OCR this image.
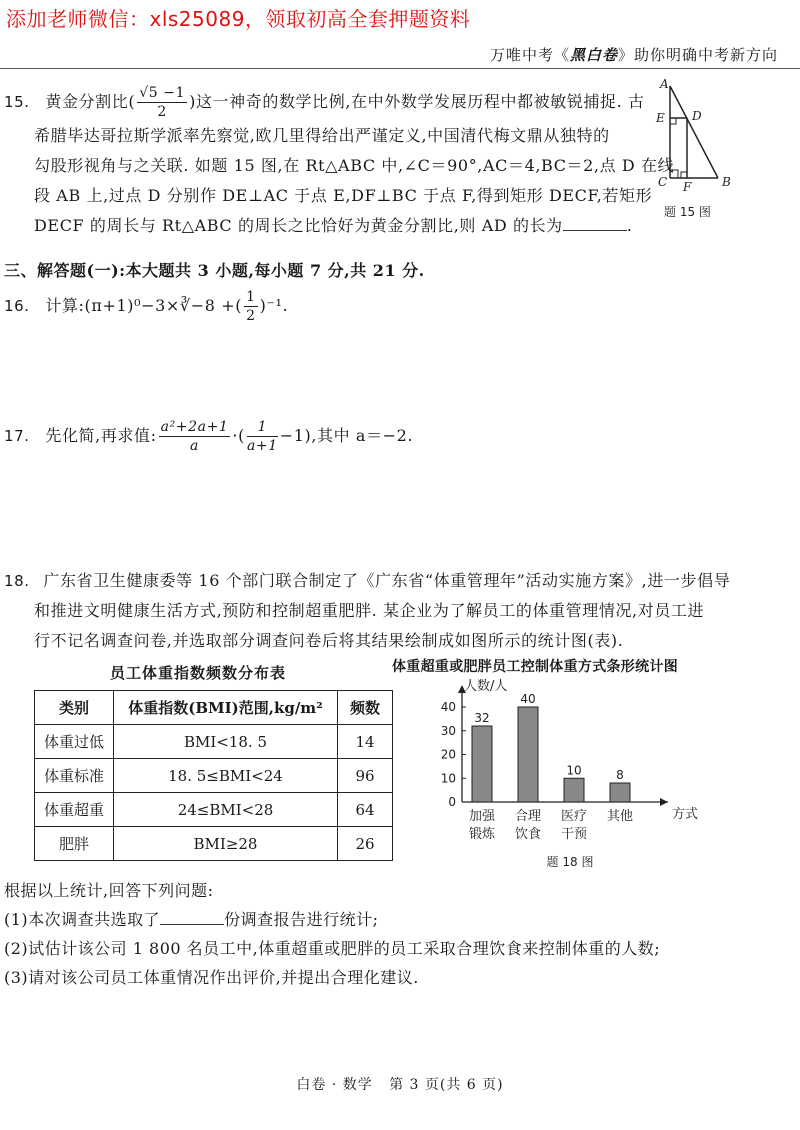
添加老师微信：xls25089，领取初高全套押题资料
万唯中考《黑白卷》助你明确中考新方向
15. 黄金分割比( $\frac{√5 -1}{2}$ )这一神奇的数学比例,在中外数学发展历程中都被敏锐捕捉. 古
希腊毕达哥拉斯学派率先察觉,欧几里得给出严谨定义,中国清代梅文鼎从独特的
勾股形视角与之关联. 如题 15 图,在 Rt△ABC 中,∠C＝90°,AC＝4,BC＝2,点 D 在线
段 AB 上,过点 D 分别作 DE⊥AC 于点 E,DF⊥BC 于点 F,得到矩形 DECF,若矩形
DECF 的周长与 Rt△ABC 的周长之比恰好为黄金分割比,则 AD 的长为	.
A
E D
C F	B
题 15 图
三、解答题(一):本大题共 3 小题,每小题 7 分,共 21 分.
16. 计算:(π+1)⁰−3×∛−8 +( $\frac{1}{2} )^{-1}$.
17. 先化简,再求值: $\frac{\text{a²+2a+1}}{a}$ ·( $\frac{1}{a+1} -1$),其中 a＝−2.
18. 广东省卫生健康委等 16 个部门联合制定了《广东省“体重管理年”活动实施方案》,进一步倡导
和推进文明健康生活方式,预防和控制超重肥胖. 某企业为了解员工的体重管理情况,对员工进
行不记名调查问卷,并选取部分调查问卷后将其结果绘制成如图所示的统计图(表).
员工体重指数频数分布表
类别	体重指数(BMI)范围,kg/m²	频数
体重过低	BMI<18. 5	14
体重标准	18. 5≤BMI<24	96
体重超重	24≤BMI<28	64
肥胖	BMI≥28	26
体重超重或肥胖员工控制体重方式条形统计图
人数/人
方式
0
10
20
30
40
32
加强
锻炼
40
合理
饮食
10
医疗
干预
8
其他
题 18 图
根据以上统计,回答下列问题:
(1)本次调查共选取了	份调查报告进行统计;
(2)试估计该公司 1 800 名员工中,体重超重或肥胖的员工采取合理饮食来控制体重的人数;
(3)请对该公司员工体重情况作出评价,并提出合理化建议.
白卷 · 数学   第 3 页(共 6 页)
